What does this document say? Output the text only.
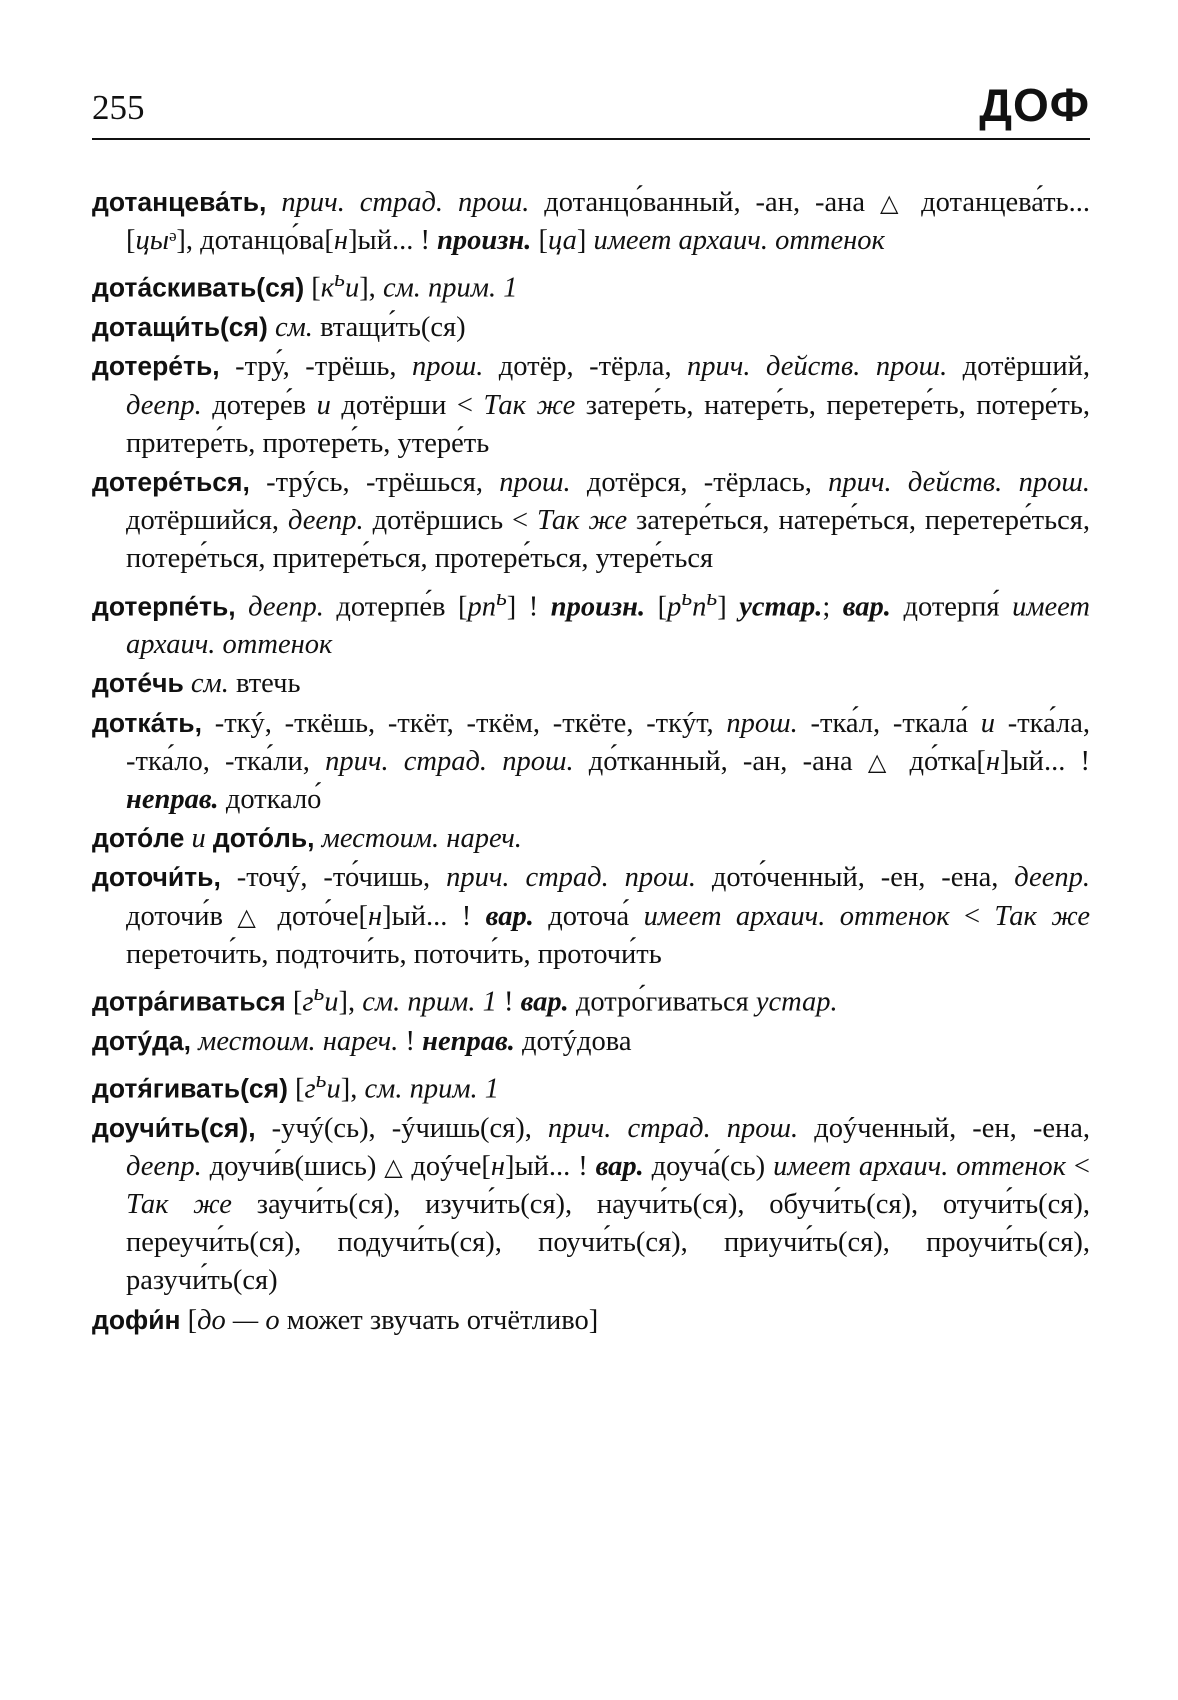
255	ДОФ

дотанцева́ть, прич. страд. прош. дотанцо́ванный, -ан, -ана △ дотанцева́ть... [цыᵊ], дотанцо́ва[н]ый... ! произн. [ца] имеет архаич. оттенок

дота́скивать(ся) $[к^ьи]$, см. прим. 1

дотащи́ть(ся) см. втащи́ть(ся)

дотере́ть, -тру́, -трёшь, прош. дотёр, -тёрла, прич. действ. прош. дотёрший, деепр. дотере́в и дотёрши < Так же затере́ть, натере́ть, перетере́ть, потере́ть, притере́ть, протере́ть, утере́ть

дотере́ться, -трýсь, -трёшься, прош. дотёрся, -тёрлась, прич. действ. прош. дотёршийся, деепр. дотёршись < Так же затере́ться, натере́ться, перетере́ться, потере́ться, притере́ться, протере́ться, утере́ться

дотерпе́ть, деепр. дотерпе́в $[рп^ь]$ ! произн. $[р^ьп^ь]$ устар.; вар. дотерпя́ имеет архаич. оттенок

дотéчь см. втечь

дотка́ть, -ткý, -ткёшь, -ткёт, -ткём, -ткёте, -ткýт, прош. -тка́л, -ткала́ и -тка́ла, -тка́ло, -тка́ли, прич. страд. прош. до́тканный, -ан, -ана △ до́тка[н]ый... ! неправ. доткало́

дото́ле и дото́ль, местоим. нареч.

доточи́ть, -точý, -то́чишь, прич. страд. прош. дото́ченный, -ен, -ена, деепр. доточи́в △ дото́че[н]ый... ! вар. доточа́ имеет архаич. оттенок < Так же переточи́ть, подточи́ть, поточи́ть, проточи́ть

дотра́гиваться $[г^ьи]$, см. прим. 1 ! вар. дотро́гиваться устар.

дотýда, местоим. нареч. ! неправ. дотýдова

дотя́гивать(ся) $[г^ьи]$, см. прим. 1

доучи́ть(ся), -учý(сь), -ýчишь(ся), прич. страд. прош. доýченный, -ен, -ена, деепр. доучи́в(шись) △ доýче[н]ый... ! вар. доуча́(сь) имеет архаич. оттенок < Так же заучи́ть(ся), изучи́ть(ся), научи́ть(ся), обучи́ть(ся), отучи́ть(ся), переучи́ть(ся), подучи́ть(ся), поучи́ть(ся), приучи́ть(ся), проучи́ть(ся), разучи́ть(ся)

дофи́н [до — о может звучать отчётливо]
